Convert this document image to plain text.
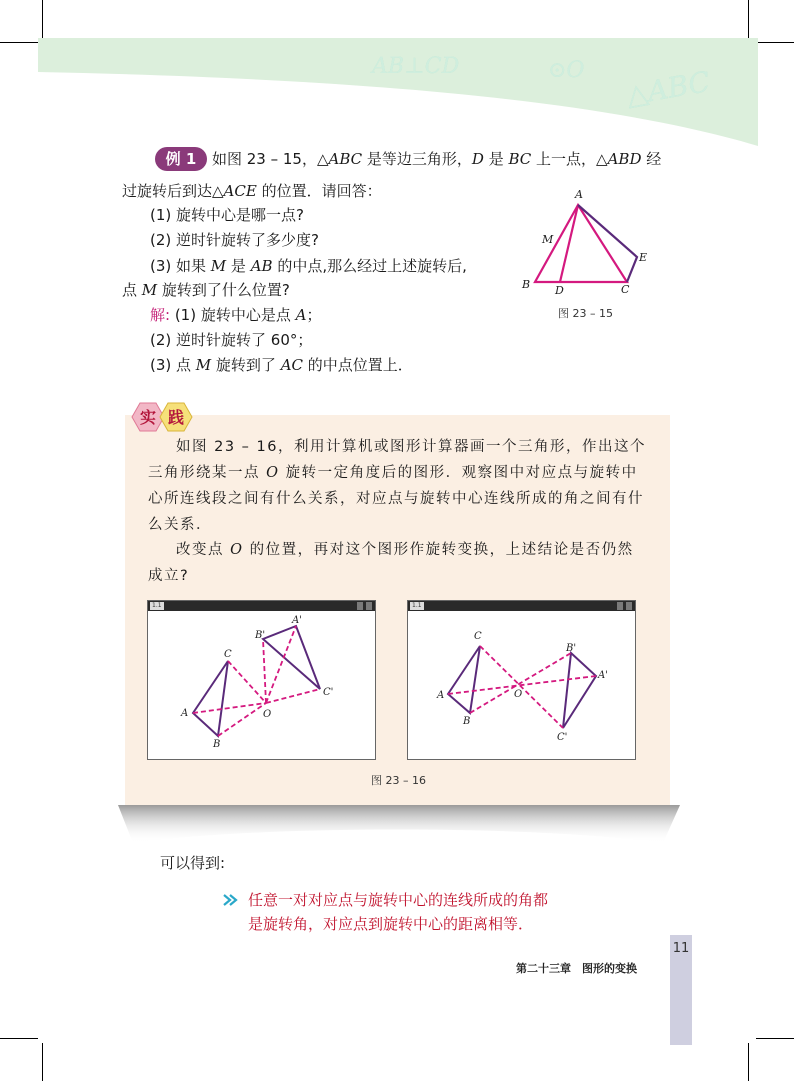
AB⊥CD	⊙O △ABC
例 1	如图 23 – 15，△ABC 是等边三角形，D 是 BC 上一点，△ABD 经
过旋转后到达△ACE 的位置．请回答：
(1) 旋转中心是哪一点?
(2) 逆时针旋转了多少度?
(3) 如果 M 是 AB 的中点,那么经过上述旋转后,
点 M 旋转到了什么位置?
解: (1) 旋转中心是点 A；
(2) 逆时针旋转了 60°；
(3) 点 M 旋转到了 AC 的中点位置上．
A
M
E
B D	C
图 23 – 15
实 践
如图 23 – 16，利用计算机或图形计算器画一个三角形，作出这个
三角形绕某一点 O 旋转一定角度后的图形．观察图中对应点与旋转中
心所连线段之间有什么关系，对应点与旋转中心连线所成的角之间有什
么关系．
改变点 O 的位置，再对这个图形作旋转变换，上述结论是否仍然
成立?
1.1
A
B
C
O
A'
B'
C'
1.1
A
B
C
O
A'
B'
C'
图 23 – 16
可以得到:
任意一对对应点与旋转中心的连线所成的角都
是旋转角，对应点到旋转中心的距离相等．
第二十三章　图形的变换
11
